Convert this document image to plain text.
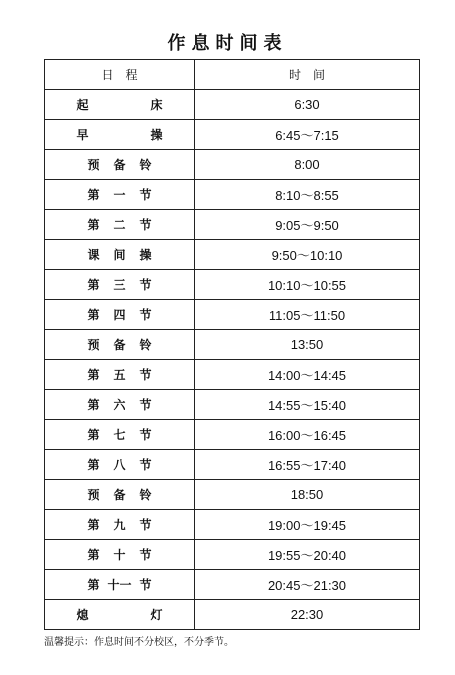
作息时间表
日程	时间

起 床	6:30

早 操	6:45～7:15

预 备 铃	8:00

第 一 节	8:10～8:55

第 二 节	9:05～9:50

课 间 操	9:50～10:10

第 三 节	10:10～10:55

第 四 节	11:05～11:50

预 备 铃	13:50

第 五 节	14:00～14:45

第 六 节	14:55～15:40

第 七 节	16:00～16:45

第 八 节	16:55～17:40

预 备 铃	18:50

第 九 节	19:00～19:45

第 十 节	19:55～20:40

第 十一 节	20:45～21:30

熄 灯	22:30
温馨提示：作息时间不分校区，不分季节。
